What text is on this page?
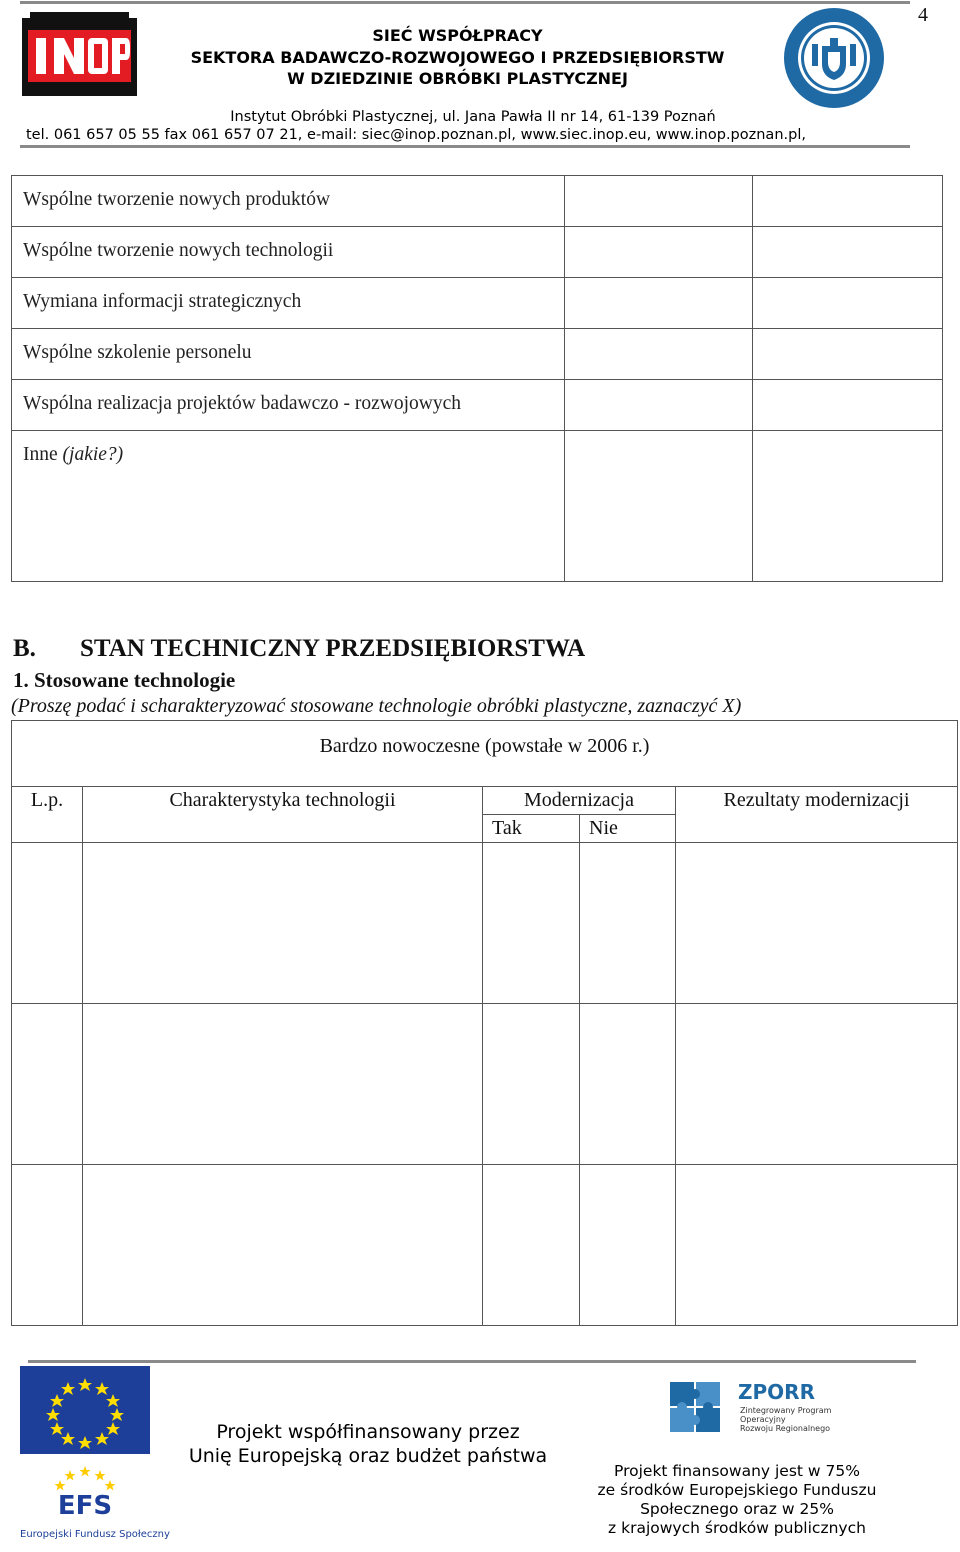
4
SIEĆ WSPÓŁPRACY
SEKTORA BADAWCZO-ROZWOJOWEGO I PRZEDSIĘBIORSTW
W DZIEDZINIE OBRÓBKI PLASTYCZNEJ
Instytut Obróbki Plastycznej, ul. Jana Pawła II nr 14, 61-139 Poznań
tel. 061 657 05 55 fax 061 657 07 21, e-mail: siec@inop.poznan.pl, www.siec.inop.eu, www.inop.poznan.pl,
Wspólne tworzenie nowych produktów		
Wspólne tworzenie nowych technologii		
Wymiana informacji strategicznych		
Wspólne szkolenie personelu		
Wspólna realizacja projektów badawczo - rozwojowych		
Inne (jakie?)		
B. STAN TECHNICZNY PRZEDSIĘBIORSTWA
1. Stosowane technologie
(Proszę podać i scharakteryzować stosowane technologie obróbki plastyczne, zaznaczyć X)
Bardzo nowoczesne (powstałe w 2006 r.)				
L.p.	Charakterystyka technologii	Modernizacja		Rezultaty modernizacji
		Tak	Nie	

EFS
Europejski Fundusz Społeczny
Projekt współfinansowany przez
Unię Europejską oraz budżet państwa
ZPORR
Zintegrowany Program
Operacyjny
Rozwoju Regionalnego
Projekt finansowany jest w 75%
ze środków Europejskiego Funduszu
Społecznego oraz w 25%
z krajowych środków publicznych
